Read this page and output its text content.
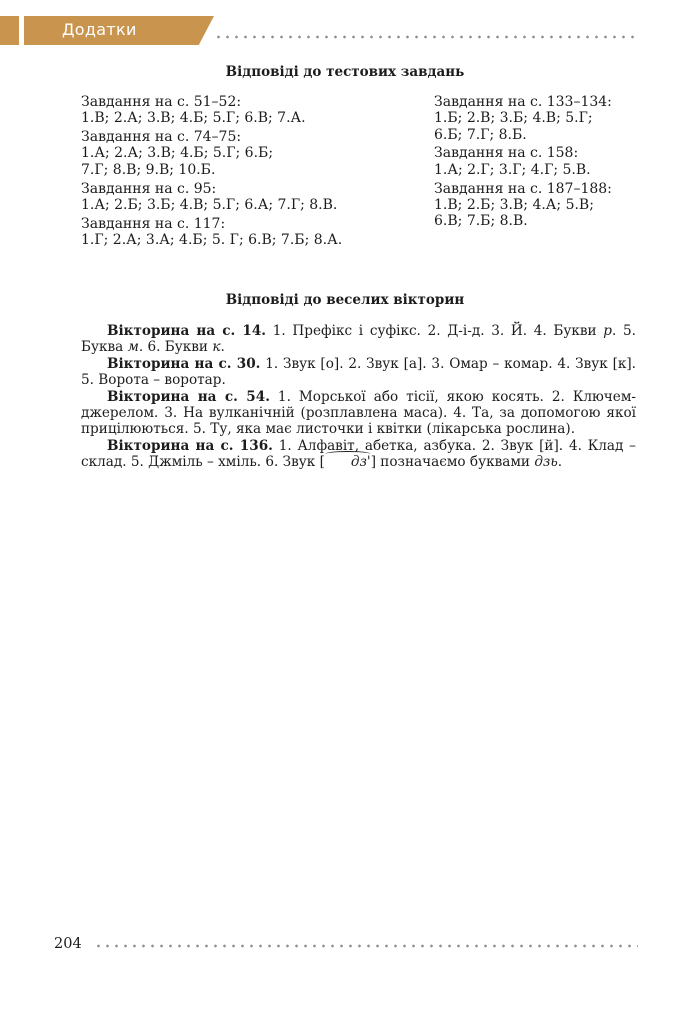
Додатки
Відповіді до тестових завдань
Завдання на с. 51–52:
1.В; 2.А; 3.В; 4.Б; 5.Г; 6.В; 7.А.
Завдання на с. 74–75:
1.А; 2.А; 3.В; 4.Б; 5.Г; 6.Б;
7.Г; 8.В; 9.В; 10.Б.
Завдання на с. 95:
1.А; 2.Б; 3.Б; 4.В; 5.Г; 6.А; 7.Г; 8.В.
Завдання на с. 117:
1.Г; 2.А; 3.А; 4.Б; 5. Г; 6.В; 7.Б; 8.А.
Завдання на с. 133–134:
1.Б; 2.В; 3.Б; 4.В; 5.Г;
6.Б; 7.Г; 8.Б.
Завдання на с. 158:
1.А; 2.Г; 3.Г; 4.Г; 5.В.
Завдання на с. 187–188:
1.В; 2.Б; 3.В; 4.А; 5.В;
6.В; 7.Б; 8.В.
Відповіді до веселих вікторин

Вікторина на с. 14. 1. Префікс і суфікс. 2. Д-і-д. 3. Й. 4. Букви р. 5. Буква м. 6. Букви к.

Вікторина на с. 30. 1. Звук [о]. 2. Звук [а]. 3. Омар – комар. 4. Звук [к]. 5. Ворота – воротар.

Вікторина на с. 54. 1. Морської або тісії, якою косять. 2. Ключем-джерелом. 3. На вулканічній (розплавлена маса). 4. Та, за допомогою якої прицілюються. 5. Ту, яка має листочки і квітки (лікарська рослина).

Вікторина на с. 136. 1. Алфавіт, абетка, азбука. 2. Звук [й]. 4. Клад – склад. 5. Джміль – хміль. 6. Звук [ дз'] позначаємо буквами дзь.

204
